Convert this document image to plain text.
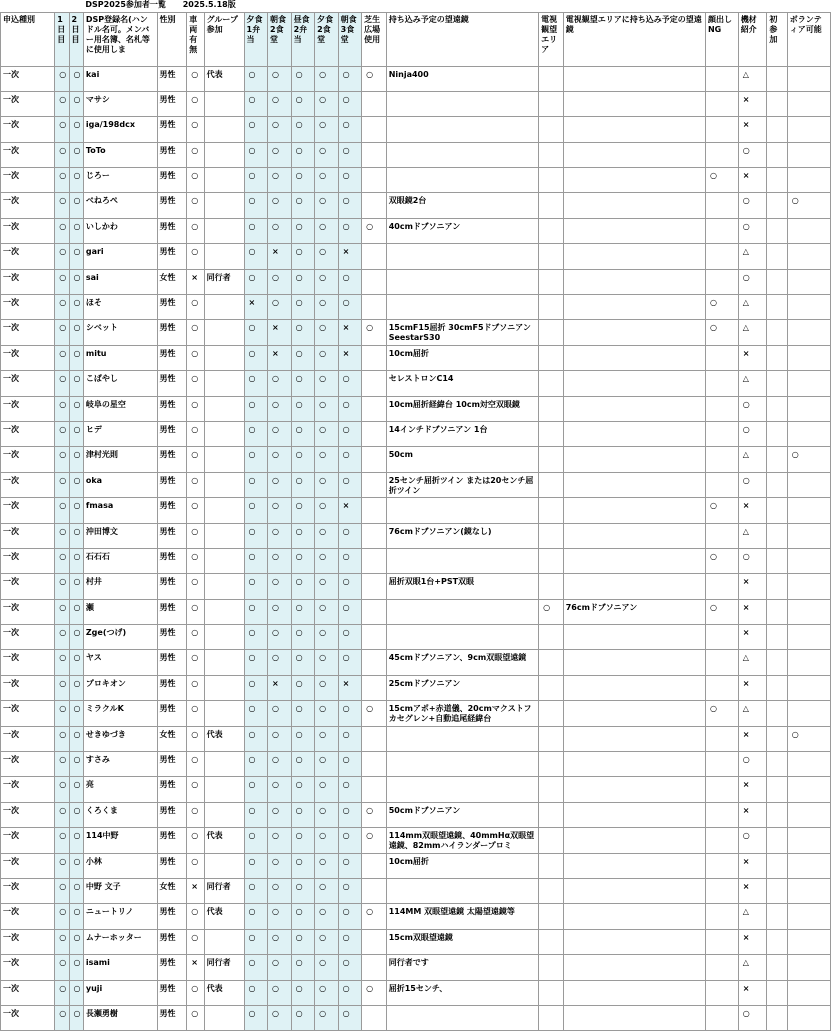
			DSP2025参加者一覧 2025.5.18版																
申込種別	1日目	2日目	DSP登録名(ハンドル名可。メンバー用名簿、名札等に使用しま	性別	車両有無	グループ参加	夕食1弁当	朝食2食堂	昼食2弁当	夕食2食堂	朝食3食堂	芝生広場使用	持ち込み予定の望遠鏡	電視観望エリア	電視観望エリアに持ち込み予定の望遠鏡	顔出しNG	機材紹介	初参加	ボランティア可能
一次	○	○	kai	男性	○	代表	○	○	○	○	○	○	Ninja400				△		
一次	○	○	マサシ	男性	○		○	○	○	○	○						×		
一次	○	○	iga/198dcx	男性	○		○	○	○	○	○						×		
一次	○	○	ToTo	男性	○		○	○	○	○	○						○		
一次	○	○	じろー	男性	○		○	○	○	○	○					○	×		
一次	○	○	べねろぺ	男性	○		○	○	○	○	○		双眼鏡2台				○		○
一次	○	○	いしかわ	男性	○		○	○	○	○	○	○	40cmドブソニアン				○		
一次	○	○	gari	男性	○		○	×	○	○	×						△		
一次	○	○	sai	女性	×	同行者	○	○	○	○	○						○		
一次	○	○	ほそ	男性	○		×	○	○	○	○					○	△		
一次	○	○	シベット	男性	○		○	×	○	○	×	○	15cmF15屈折 30cmF5ドブソニアン SeestarS30			○	△		
一次	○	○	mitu	男性	○		○	×	○	○	×		10cm屈折				×		
一次	○	○	こばやし	男性	○		○	○	○	○	○		セレストロンC14				△		
一次	○	○	岐阜の星空	男性	○		○	○	○	○	○		10cm屈折経緯台 10cm対空双眼鏡				○		
一次	○	○	ヒデ	男性	○		○	○	○	○	○		14インチドブソニアン 1台				○		
一次	○	○	津村光則	男性	○		○	○	○	○	○		50cm				△		○
一次	○	○	oka	男性	○		○	○	○	○	○		25センチ屈折ツイン または20センチ屈折ツイン				○		
一次	○	○	fmasa	男性	○		○	○	○	○	×					○	×		
一次	○	○	沖田博文	男性	○		○	○	○	○	○		76cmドブソニアン(鏡なし)				△		
一次	○	○	石石石	男性	○		○	○	○	○	○					○	○		
一次	○	○	村井	男性	○		○	○	○	○	○		屈折双眼1台+PST双眼				×		
一次	○	○	瀬	男性	○		○	○	○	○	○			○	76cmドブソニアン	○	×		
一次	○	○	Zge(つげ)	男性	○		○	○	○	○	○						×		
一次	○	○	ヤス	男性	○		○	○	○	○	○		45cmドブソニアン、9cm双眼望遠鏡				△		
一次	○	○	プロキオン	男性	○		○	×	○	○	×		25cmドブソニアン				×		
一次	○	○	ミラクルK	男性	○		○	○	○	○	○	○	15cmアポ+赤道儀、20cmマクストフカセグレン+自動追尾経緯台			○	△		
一次	○	○	せきゆづき	女性	○	代表	○	○	○	○	○						×		○
一次	○	○	すさみ	男性	○		○	○	○	○	○						○		
一次	○	○	亮	男性	○		○	○	○	○	○						×		
一次	○	○	くろくま	男性	○		○	○	○	○	○	○	50cmドブソニアン				×		
一次	○	○	114中野	男性	○	代表	○	○	○	○	○	○	114mm双眼望遠鏡、40mmHα双眼望遠鏡、82mmハイランダープロミ				○		
一次	○	○	小林	男性	○		○	○	○	○	○		10cm屈折				×		
一次	○	○	中野 文子	女性	×	同行者	○	○	○	○	○						×		
一次	○	○	ニュートリノ	男性	○	代表	○	○	○	○	○	○	114MM 双眼望遠鏡 太陽望遠鏡等				△		
一次	○	○	ムナーホッター	男性	○		○	○	○	○	○		15cm双眼望遠鏡				×		
一次	○	○	isami	男性	×	同行者	○	○	○	○	○		同行者です				△		
一次	○	○	yuji	男性	○	代表	○	○	○	○	○	○	屈折15センチ、				×		
一次	○	○	長瀬勇樹	男性	○		○	○	○	○	○						○		
